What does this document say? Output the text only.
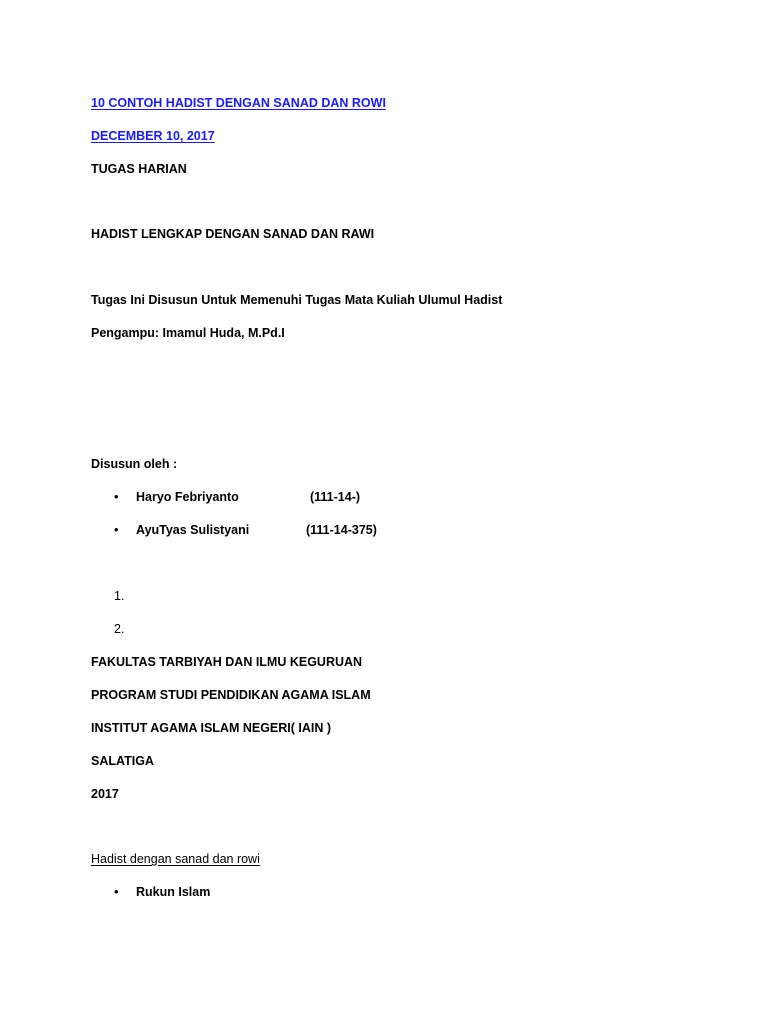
10 CONTOH HADIST DENGAN SANAD DAN ROWI
DECEMBER 10, 2017
TUGAS HARIAN
HADIST LENGKAP DENGAN SANAD DAN RAWI
Tugas Ini Disusun Untuk Memenuhi Tugas Mata Kuliah Ulumul Hadist
Pengampu: Imamul Huda, M.Pd.I
Disusun oleh :
• Haryo Febriyanto	(111-14-)
• AyuTyas Sulistyani	(111-14-375)
1.
2.
FAKULTAS TARBIYAH DAN ILMU KEGURUAN
PROGRAM STUDI PENDIDIKAN AGAMA ISLAM
INSTITUT AGAMA ISLAM NEGERI( IAIN )
SALATIGA
2017
Hadist dengan sanad dan rowi
• Rukun Islam
